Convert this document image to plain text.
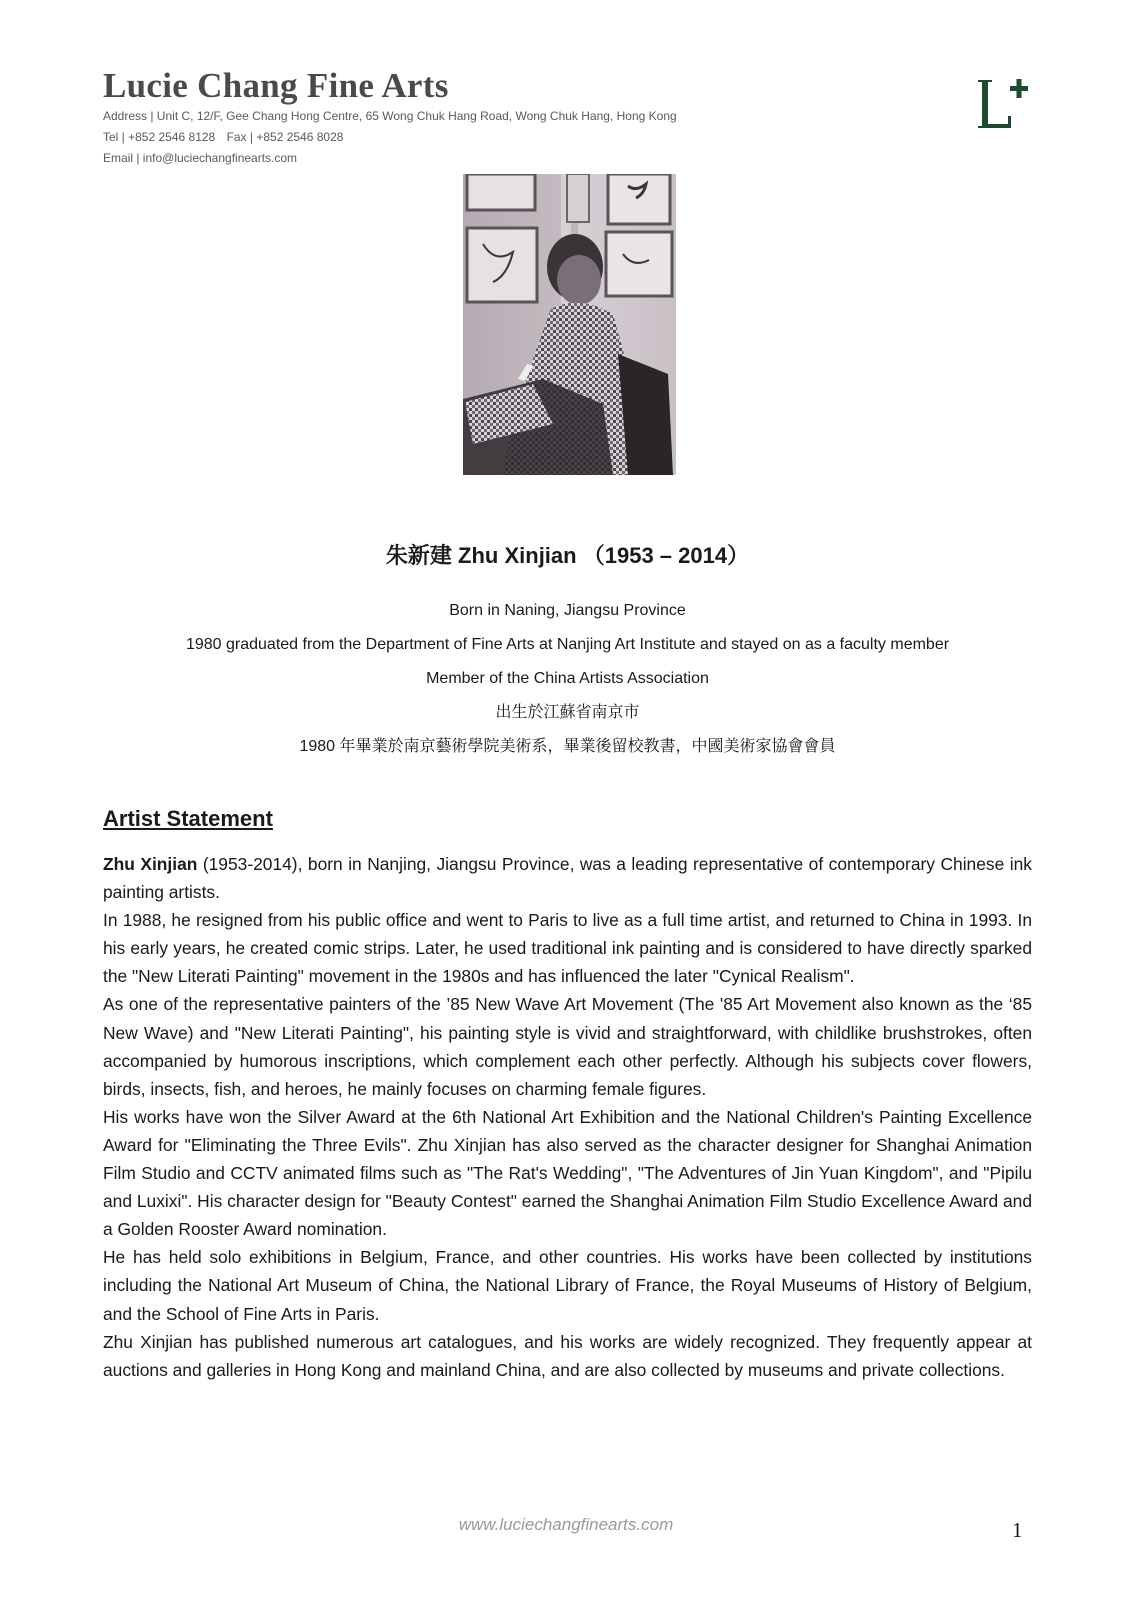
Lucie Chang Fine Arts

Address | Unit C, 12/F, Gee Chang Hong Centre, 65 Wong Chuk Hang Road, Wong Chuk Hang, Hong Kong

Tel | +852 2546 8128 Fax | +852 2546 8028

Email | info@luciechangfinearts.com

朱新建 Zhu Xinjian （1953 – 2014）

Born in Naning, Jiangsu Province

1980 graduated from the Department of Fine Arts at Nanjing Art Institute and stayed on as a faculty member

Member of the China Artists Association

出生於江蘇省南京市

1980 年畢業於南京藝術學院美術系，畢業後留校教書，中國美術家協會會員

Artist Statement

Zhu Xinjian (1953-2014), born in Nanjing, Jiangsu Province, was a leading representative of contemporary Chinese ink painting artists.

In 1988, he resigned from his public office and went to Paris to live as a full time artist, and returned to China in 1993. In his early years, he created comic strips. Later, he used traditional ink painting and is considered to have directly sparked the "New Literati Painting" movement in the 1980s and has influenced the later "Cynical Realism".

As one of the representative painters of the ’85 New Wave Art Movement (The '85 Art Movement also known as the ‘85 New Wave) and "New Literati Painting", his painting style is vivid and straightforward, with childlike brushstrokes, often accompanied by humorous inscriptions, which complement each other perfectly. Although his subjects cover flowers, birds, insects, fish, and heroes, he mainly focuses on charming female figures.

His works have won the Silver Award at the 6th National Art Exhibition and the National Children's Painting Excellence Award for "Eliminating the Three Evils". Zhu Xinjian has also served as the character designer for Shanghai Animation Film Studio and CCTV animated films such as "The Rat's Wedding", "The Adventures of Jin Yuan Kingdom", and "Pipilu and Luxixi". His character design for "Beauty Contest" earned the Shanghai Animation Film Studio Excellence Award and a Golden Rooster Award nomination.

He has held solo exhibitions in Belgium, France, and other countries. His works have been collected by institutions including the National Art Museum of China, the National Library of France, the Royal Museums of History of Belgium, and the School of Fine Arts in Paris.

Zhu Xinjian has published numerous art catalogues, and his works are widely recognized. They frequently appear at auctions and galleries in Hong Kong and mainland China, and are also collected by museums and private collections.

www.luciechangfinearts.com	1
